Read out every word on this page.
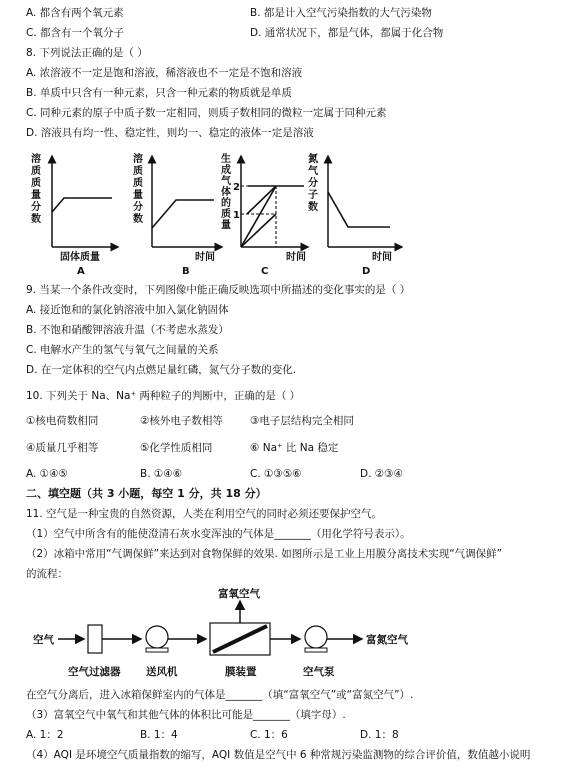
A. 都含有两个氧元素	B. 都是计入空气污染指数的大气污染物
C. 都含有一个氧分子	D. 通常状况下，都是气体，都属于化合物
8. 下列说法正确的是（ ）
A. 浓溶液不一定是饱和溶液，稀溶液也不一定是不饱和溶液
B. 单质中只含有一种元素，只含一种元素的物质就是单质
C. 同种元素的原子中质子数一定相同，则质子数相同的微粒一定属于同种元素
D. 溶液具有均一性、稳定性，则均一、稳定的液体一定是溶液
溶
质
质
量
分
数
固体质量
A
溶
质
质
量
分
数
时间
B
生
成
气
体
的
质
量
2
1
时间
C
氮
气
分
子
数
时间
D
9. 当某一个条件改变时，下列图像中能正确反映选项中所描述的变化事实的是（ ）
A. 接近饱和的氯化钠溶液中加入氯化钠固体
B. 不饱和硝酸钾溶液升温（不考虑水蒸发）
C. 电解水产生的氢气与氧气之间量的关系
D. 在一定体积的空气内点燃足量红磷，氮气分子数的变化.
10. 下列关于 Na、Na⁺ 两种粒子的判断中，正确的是（ ）
①核电荷数相同	②核外电子数相等	③电子层结构完全相同
④质量几乎相等	⑤化学性质相同	⑥ Na⁺ 比 Na 稳定
A. ①④⑤	B. ①④⑥	C. ①③⑤⑥	D. ②③④
二、填空题（共 3 小题，每空 1 分，共 18 分）
11. 空气是一种宝贵的自然资源，人类在利用空气的同时必须还要保护空气。
（1）空气中所含有的能使澄清石灰水变浑浊的气体是_______（用化学符号表示）。
（2）冰箱中常用“气调保鲜”来达到对食物保鲜的效果. 如图所示是工业上用膜分离技术实现“气调保鲜”
的流程：
空气
富氧空气
富氮空气
空气过滤器 送风机	膜装置	空气泵
在空气分离后，进入冰箱保鲜室内的气体是_______（填“富氧空气”或“富氮空气”）.
（3）富氧空气中氧气和其他气体的体积比可能是_______（填字母）.
A. 1：2	B. 1：4	C. 1：6	D. 1：8
（4）AQI 是环境空气质量指数的缩写，AQI 数值是空气中 6 种常规污染监测物的综合评价值，数值越小说明
